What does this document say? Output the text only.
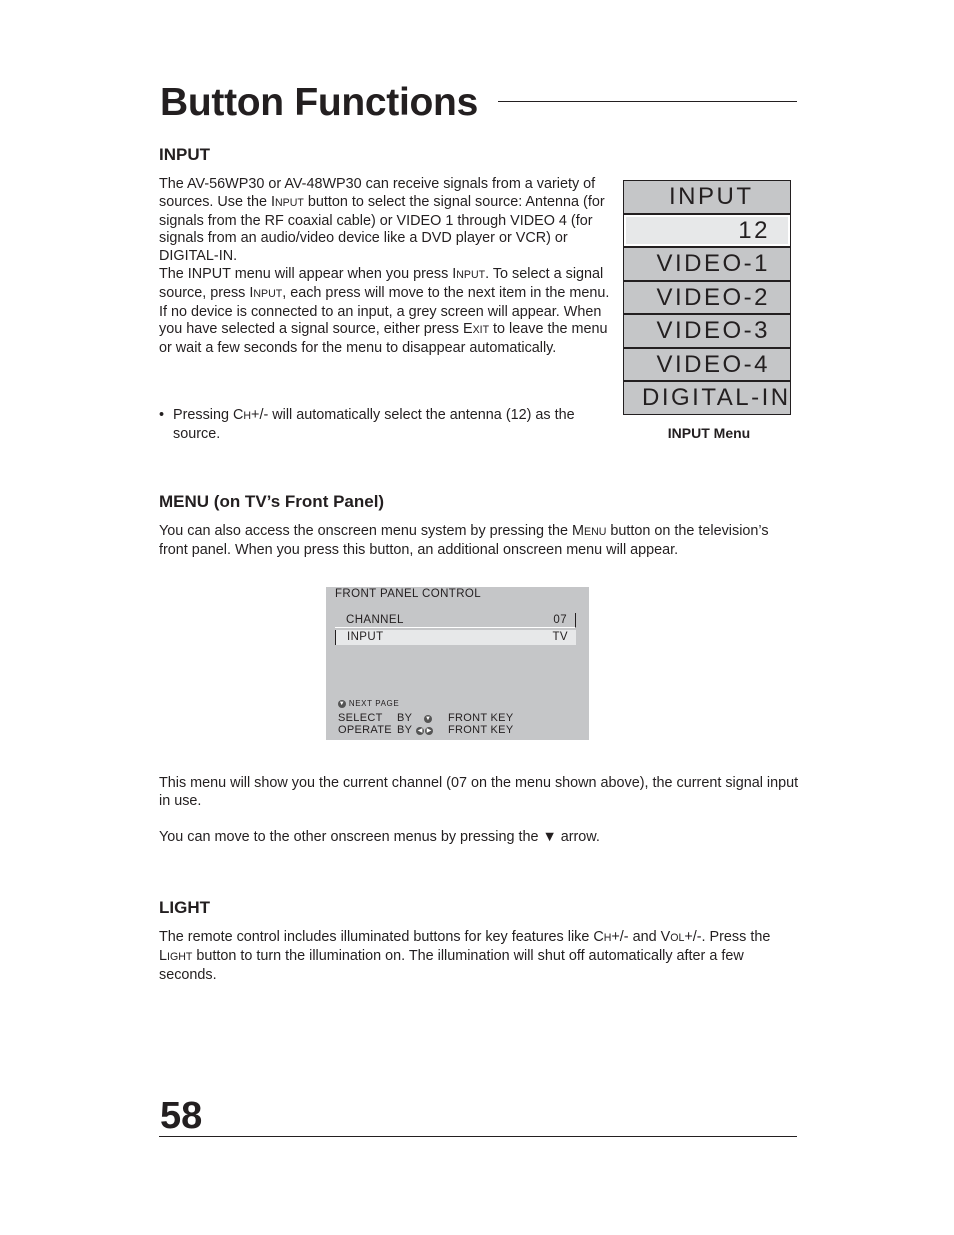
Button Functions
INPUT
The AV-56WP30 or AV-48WP30 can receive signals from a variety of sources. Use the INPUT button to select the signal source: Antenna (for signals from the RF coaxial cable) or VIDEO 1 through VIDEO 4 (for signals from an audio/video device like a DVD player or VCR) or DIGITAL-IN.
The INPUT menu will appear when you press INPUT. To select a signal source, press INPUT, each press will move to the next item in the menu. If no device is connected to an input, a grey screen will appear. When you have selected a signal source, either press EXIT to leave the menu or wait a few seconds for the menu to disappear automatically.
• Pressing CH+/- will automatically select the antenna (12) as the source.
INPUT
12
VIDEO-1
VIDEO-2
VIDEO-3
VIDEO-4
DIGITAL-IN
INPUT Menu
MENU (on TV’s Front Panel)
You can also access the onscreen menu system by pressing the MENU button on the television’s front panel. When you press this button, an additional onscreen menu will appear.
FRONT PANEL CONTROL
CHANNEL	07
INPUT	TV
▼ NEXT PAGE
SELECT BY ▼ FRONT KEY
OPERATE BY ◀ ▶ FRONT KEY
This menu will show you the current channel (07 on the menu shown above), the current signal input in use.
You can move to the other onscreen menus by pressing the ▼ arrow.
LIGHT
The remote control includes illuminated buttons for key features like CH+/- and VOL+/-. Press the LIGHT button to turn the illumination on. The illumination will shut off automatically after a few seconds.
58
